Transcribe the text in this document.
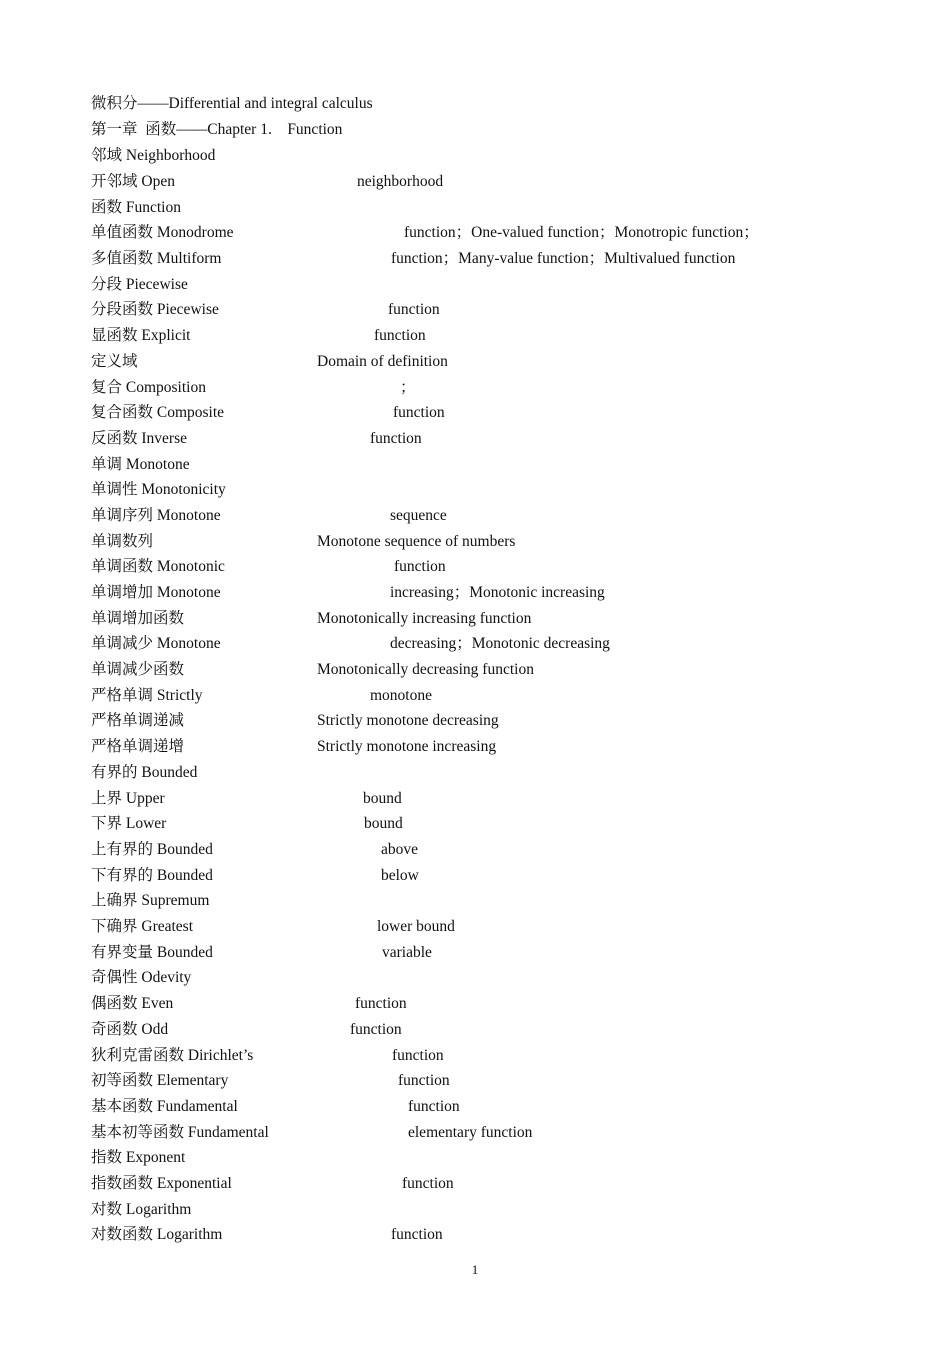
微积分——Differential and integral calculus
第一章  函数——Chapter 1.    Function
邻域 Neighborhood
开邻域 Open	neighborhood
函数 Function
单值函数 Monodrome	function；One-valued function；Monotropic function；
多值函数 Multiform	function；Many-value function；Multivalued function
分段 Piecewise
分段函数 Piecewise	function
显函数 Explicit	function
定义域	Domain of definition
复合 Composition	；
复合函数 Composite	function
反函数 Inverse	function
单调 Monotone
单调性 Monotonicity
单调序列 Monotone	sequence
单调数列	Monotone sequence of numbers
单调函数 Monotonic	function
单调增加 Monotone	increasing；Monotonic increasing
单调增加函数	Monotonically increasing function
单调减少 Monotone	decreasing；Monotonic decreasing
单调减少函数	Monotonically decreasing function
严格单调 Strictly	monotone
严格单调递减	Strictly monotone decreasing
严格单调递增	Strictly monotone increasing
有界的 Bounded
上界 Upper	bound
下界 Lower	bound
上有界的 Bounded	above
下有界的 Bounded	below
上确界 Supremum
下确界 Greatest	lower bound
有界变量 Bounded	variable
奇偶性 Odevity
偶函数 Even	function
奇函数 Odd	function
狄利克雷函数 Dirichlet’s	function
初等函数 Elementary	function
基本函数 Fundamental	function
基本初等函数 Fundamental	elementary function
指数 Exponent
指数函数 Exponential	function
对数 Logarithm
对数函数 Logarithm	function
1
